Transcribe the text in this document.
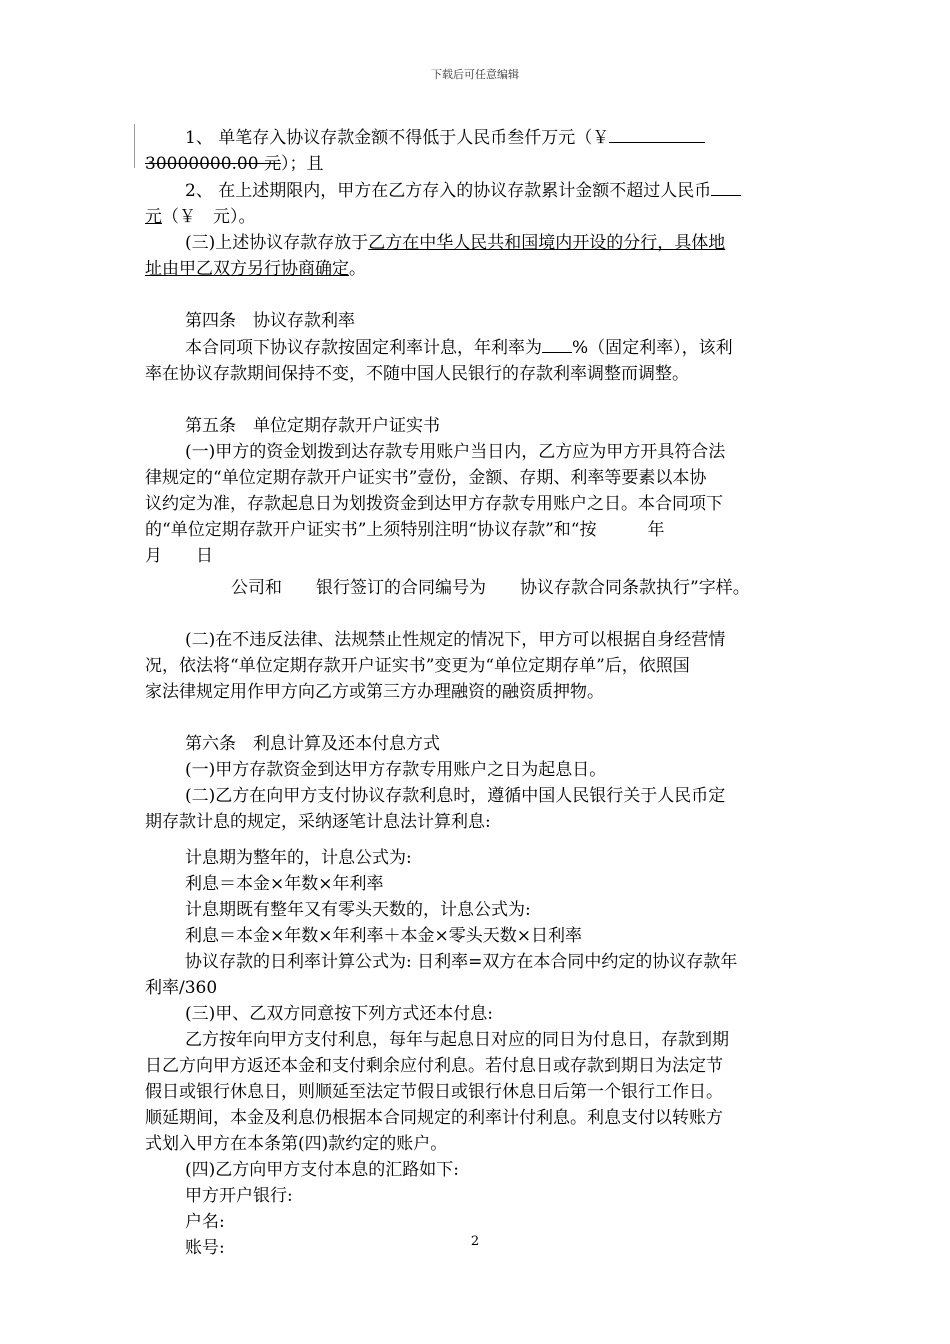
下载后可任意编辑
1、 单笔存入协议存款金额不得低于人民币叁仟万元（￥
30000000.00 元）；且
2、 在上述期限内，甲方在乙方存入的协议存款累计金额不超过人民币
元（￥　元）。
(三)上述协议存款存放于乙方在中华人民共和国境内开设的分行，具体地
址由甲乙双方另行协商确定。
第四条　协议存款利率
本合同项下协议存款按固定利率计息，年利率为 %（固定利率），该利
率在协议存款期间保持不变，不随中国人民银行的存款利率调整而调整。
第五条　单位定期存款开户证实书
(一)甲方的资金划拨到达存款专用账户当日内，乙方应为甲方开具符合法
律规定的“单位定期存款开户证实书”壹份，金额、存期、利率等要素以本协
议约定为准，存款起息日为划拨资金到达甲方存款专用账户之日。本合同项下
的“单位定期存款开户证实书”上须特别注明“协议存款”和“按　　　年
月　　日
公司和　　银行签订的合同编号为　　协议存款合同条款执行”字样。
(二)在不违反法律、法规禁止性规定的情况下，甲方可以根据自身经营情
况，依法将“单位定期存款开户证实书”变更为“单位定期存单”后，依照国
家法律规定用作甲方向乙方或第三方办理融资的融资质押物。
第六条　利息计算及还本付息方式
(一)甲方存款资金到达甲方存款专用账户之日为起息日。
(二)乙方在向甲方支付协议存款利息时，遵循中国人民银行关于人民币定
期存款计息的规定，采纳逐笔计息法计算利息:
计息期为整年的，计息公式为:
利息＝本金×年数×年利率
计息期既有整年又有零头天数的，计息公式为:
利息＝本金×年数×年利率＋本金×零头天数×日利率
协议存款的日利率计算公式为: 日利率=双方在本合同中约定的协议存款年
利率/360
(三)甲、乙双方同意按下列方式还本付息:
乙方按年向甲方支付利息，每年与起息日对应的同日为付息日，存款到期
日乙方向甲方返还本金和支付剩余应付利息。若付息日或存款到期日为法定节
假日或银行休息日，则顺延至法定节假日或银行休息日后第一个银行工作日。
顺延期间，本金及利息仍根据本合同规定的利率计付利息。利息支付以转账方
式划入甲方在本条第(四)款约定的账户。
(四)乙方向甲方支付本息的汇路如下:
甲方开户银行:
户名:
账号:	2
